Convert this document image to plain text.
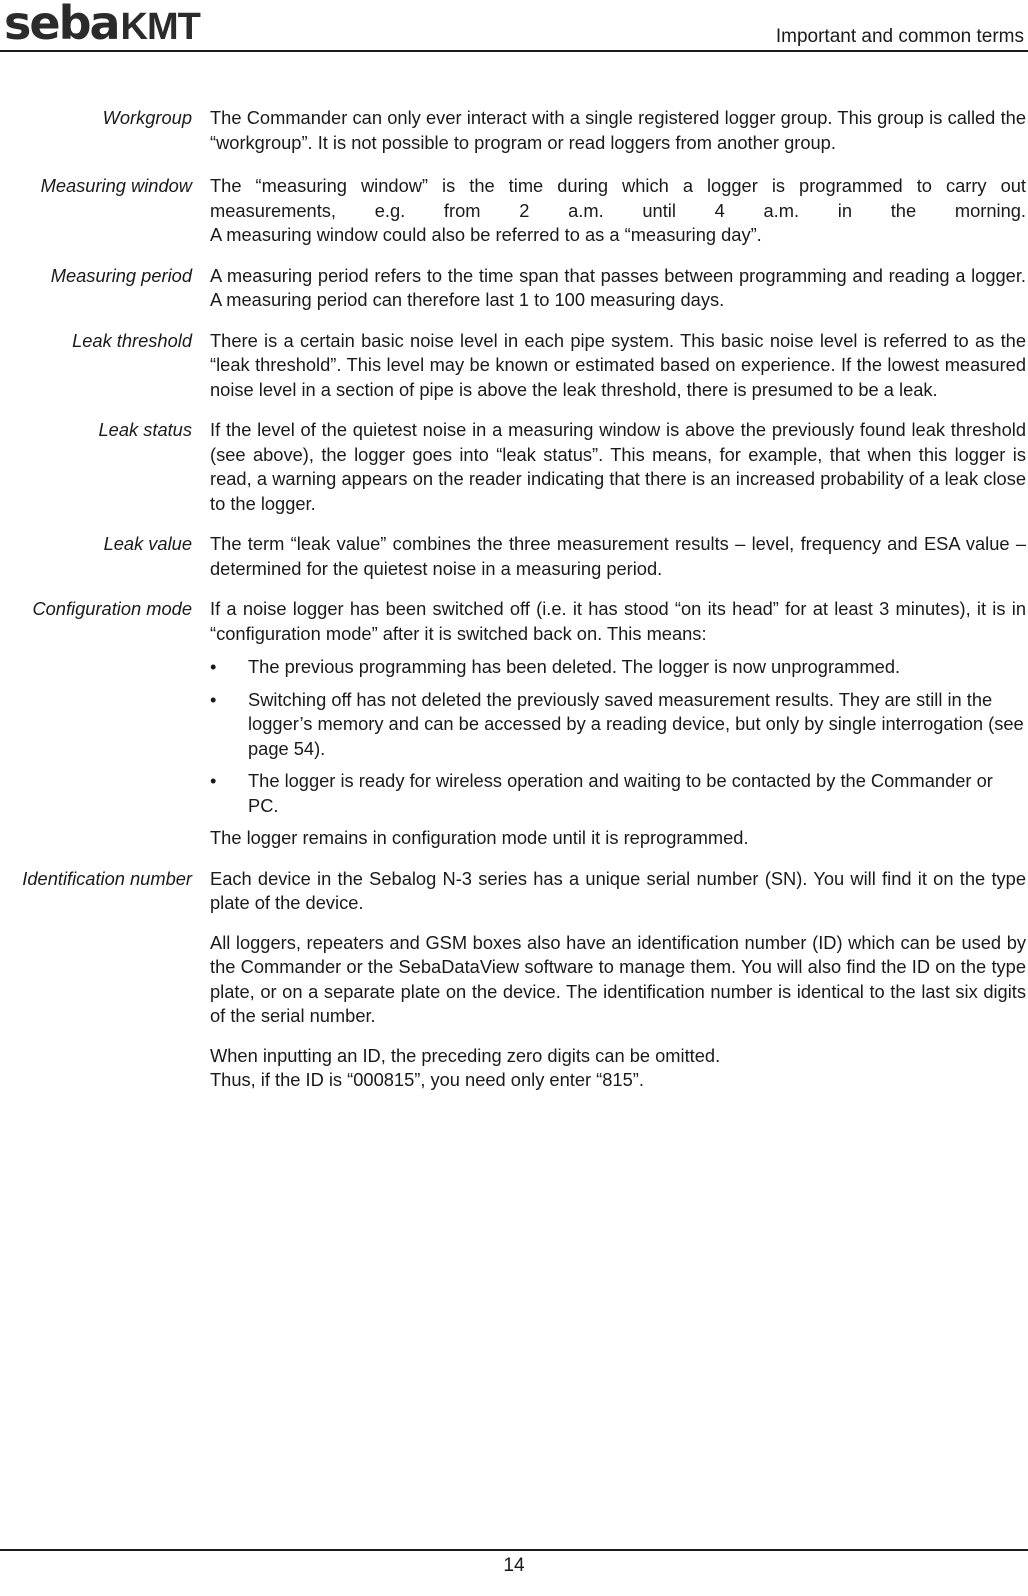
seba KMT	Important and common terms
Workgroup The Commander can only ever interact with a single registered logger group. This group is called the “workgroup”. It is not possible to program or read loggers from another group.

Measuring window The “measuring window” is the time during which a logger is programmed to carry out measurements, e.g. from 2 a.m. until 4 a.m. in the morning.

A measuring window could also be referred to as a “measuring day”.

Measuring period A measuring period refers to the time span that passes between programming and reading a logger. A measuring period can therefore last 1 to 100 measuring days.

Leak threshold There is a certain basic noise level in each pipe system. This basic noise level is referred to as the “leak threshold”. This level may be known or estimated based on experience. If the lowest measured noise level in a section of pipe is above the leak threshold, there is presumed to be a leak.

Leak status If the level of the quietest noise in a measuring window is above the previously found leak threshold (see above), the logger goes into “leak status”. This means, for example, that when this logger is read, a warning appears on the reader indicating that there is an increased probability of a leak close to the logger.

Leak value The term “leak value” combines the three measurement results – level, frequency and ESA value – determined for the quietest noise in a measuring period.

Configuration mode If a noise logger has been switched off (i.e. it has stood “on its head” for at least 3 minutes), it is in “configuration mode” after it is switched back on. This means:

• The previous programming has been deleted. The logger is now unprogrammed.
• Switching off has not deleted the previously saved measurement results. They are still in the logger’s memory and can be accessed by a reading device, but only by single interrogation (see page 54).
• The logger is ready for wireless operation and waiting to be contacted by the Commander or PC.

The logger remains in configuration mode until it is reprogrammed.

Identification number Each device in the Sebalog N-3 series has a unique serial number (SN). You will find it on the type plate of the device.

All loggers, repeaters and GSM boxes also have an identification number (ID) which can be used by the Commander or the SebaDataView software to manage them. You will also find the ID on the type plate, or on a separate plate on the device. The identification number is identical to the last six digits of the serial number.

When inputting an ID, the preceding zero digits can be omitted.

Thus, if the ID is “000815”, you need only enter “815”.

14
